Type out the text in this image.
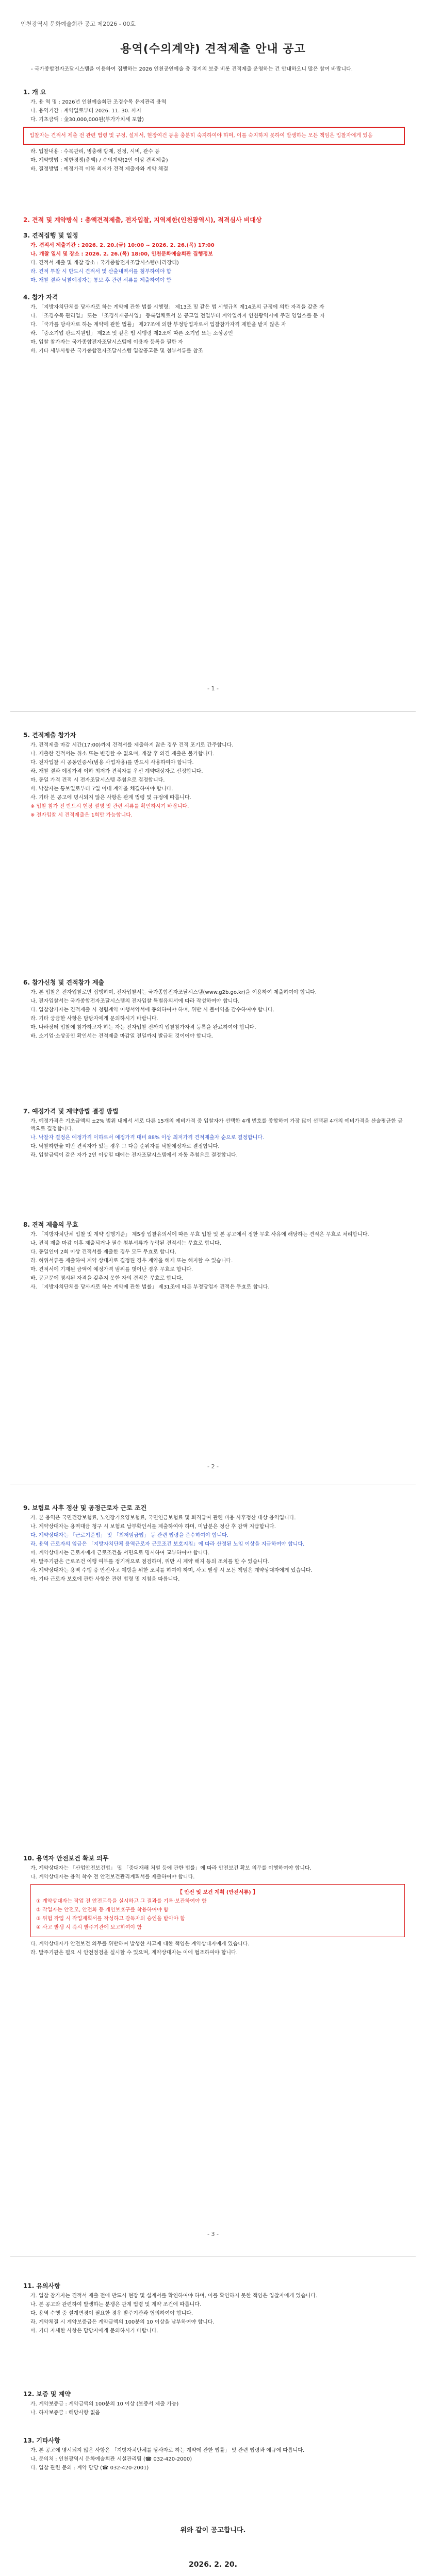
인천광역시 문화예술회관 공고 제2026 - 00호
용역(수의계약) 견적제출 안내 공고
- 국가종합전자조달시스템을 이용하여 집행하는 2026 인천공연예술 총 경지의 보충 비롯 견적제출 운영하는 건 안내하오니 많은 참여 바랍니다.
1. 개 요

가. 용 역 명 : 2026년 인천예술회관 조경수목 유지관리 용역

나. 용역기간 : 계약일로부터 2026. 11. 30. 까지

다. 기초금액 : 金30,000,000원(부가가치세 포함)

입찰자는 견적서 제출 전 관련 법령 및 규정, 설계서, 현장여건 등을 충분히 숙지하여야 하며, 이를 숙지하지 못하여 발생하는 모든 책임은 입찰자에게 있음

라. 입찰내용 : 수목관리, 병충해 방제, 전정, 시비, 관수 등

마. 계약방법 : 제한경쟁(총액) / 수의계약(2인 이상 견적제출)

바. 결정방법 : 예정가격 이하 최저가 견적 제출자와 계약 체결

2. 견적 및 계약방식 : 총액견적제출, 전자입찰, 지역제한(인천광역시), 적격심사 비대상
3. 견적집행 및 일정

가. 견적서 제출기간 : 2026. 2. 20.(금) 10:00 ~ 2026. 2. 26.(목) 17:00

나. 개찰 일시 및 장소 : 2026. 2. 26.(목) 18:00, 인천문화예술회관 집행정보

다. 견적서 제출 및 개찰 장소 : 국가종합전자조달시스템(나라장터)

라. 견적 투찰 시 반드시 견적서 및 산출내역서를 첨부하여야 함

마. 개찰 결과 낙찰예정자는 통보 후 관련 서류를 제출하여야 함

4. 참가 자격

가. 「지방자치단체를 당사자로 하는 계약에 관한 법률 시행령」 제13조 및 같은 법 시행규칙 제14조의 규정에 의한 자격을 갖춘 자

나. 「조경수목 관리업」 또는 「조경식재공사업」 등록업체로서 본 공고일 전일부터 계약일까지 인천광역시에 주된 영업소를 둔 자

다. 「국가를 당사자로 하는 계약에 관한 법률」 제27조에 의한 부정당업자로서 입찰참가자격 제한을 받지 않은 자

라. 「중소기업 판로지원법」 제2조 및 같은 법 시행령 제2조에 따른 소기업 또는 소상공인

마. 입찰 참가자는 국가종합전자조달시스템에 이용자 등록을 필한 자

바. 기타 세부사항은 국가종합전자조달시스템 입찰공고문 및 첨부서류를 참조

- 1 -
5. 견적제출 참가자

가. 견적제출 마감 시간(17:00)까지 견적서를 제출하지 않은 경우 견적 포기로 간주합니다.

나. 제출한 견적서는 취소 또는 변경할 수 없으며, 개찰 후 의견 제출은 불가합니다.

다. 전자입찰 시 공동인증서(범용 사업자용)를 반드시 사용하여야 합니다.

라. 개찰 결과 예정가격 이하 최저가 견적자를 우선 계약대상자로 선정합니다.

마. 동일 가격 견적 시 전자조달시스템 추첨으로 결정합니다.

바. 낙찰자는 통보일로부터 7일 이내 계약을 체결하여야 합니다.

사. 기타 본 공고에 명시되지 않은 사항은 관계 법령 및 규정에 따릅니다.

※ 입찰 참가 전 반드시 현장 설명 및 관련 서류를 확인하시기 바랍니다.

※ 전자입찰 시 견적제출은 1회만 가능합니다.

6. 참가신청 및 견적참가 제출

가. 본 입찰은 전자입찰로만 집행하며, 전자입찰서는 국가종합전자조달시스템(www.g2b.go.kr)을 이용하여 제출하여야 합니다.

나. 전자입찰서는 국가종합전자조달시스템의 전자입찰 특별유의서에 따라 작성하여야 합니다.

다. 입찰참가자는 견적제출 시 청렴계약 이행서약서에 동의하여야 하며, 위반 시 불이익을 감수하여야 합니다.

라. 기타 궁금한 사항은 담당자에게 문의하시기 바랍니다.

마. 나라장터 입찰에 참가하고자 하는 자는 전자입찰 전까지 입찰참가자격 등록을 완료하여야 합니다.

바. 소기업·소상공인 확인서는 견적제출 마감일 전일까지 발급된 것이어야 합니다.

7. 예정가격 및 계약방법 결정 방법

가. 예정가격은 기초금액의 ±2% 범위 내에서 서로 다른 15개의 예비가격 중 입찰자가 선택한 4개 번호를 종합하여 가장 많이 선택된 4개의 예비가격을 산술평균한 금액으로 결정합니다.

나. 낙찰자 결정은 예정가격 이하로서 예정가격 대비 88% 이상 최저가격 견적제출자 순으로 결정합니다.

다. 낙찰하한율 미만 견적자가 있는 경우 그 다음 순위자를 낙찰예정자로 결정합니다.

라. 입찰금액이 같은 자가 2인 이상일 때에는 전자조달시스템에서 자동 추첨으로 결정합니다.

8. 견적 제출의 무효

가. 「지방자치단체 입찰 및 계약 집행기준」 제5장 입찰유의서에 따른 무효 입찰 및 본 공고에서 정한 무효 사유에 해당하는 견적은 무효로 처리합니다.

나. 견적 제출 마감 이후 제출되거나 필수 첨부서류가 누락된 견적서는 무효로 합니다.

다. 동일인이 2회 이상 견적서를 제출한 경우 모두 무효로 합니다.

라. 허위서류를 제출하여 계약 상대자로 결정된 경우 계약을 해제 또는 해지할 수 있습니다.

마. 견적서에 기재된 금액이 예정가격 범위를 벗어난 경우 무효로 합니다.

바. 공고문에 명시된 자격을 갖추지 못한 자의 견적은 무효로 합니다.

사. 「지방자치단체를 당사자로 하는 계약에 관한 법률」 제31조에 따른 부정당업자 견적은 무효로 합니다.

- 2 -
9. 보험료 사후 정산 및 공정근로자 근로 조건

가. 본 용역은 국민건강보험료, 노인장기요양보험료, 국민연금보험료 및 퇴직급여 관련 비용 사후정산 대상 용역입니다.

나. 계약상대자는 용역대금 청구 시 보험료 납부확인서를 제출하여야 하며, 미납분은 정산 후 감액 지급합니다.

다. 계약상대자는 「근로기준법」 및 「최저임금법」 등 관련 법령을 준수하여야 합니다.

라. 용역 근로자의 임금은 「지방자치단체 용역근로자 근로조건 보호지침」에 따라 산정된 노임 이상을 지급하여야 합니다.

마. 계약상대자는 근로자에게 근로조건을 서면으로 명시하여 교부하여야 합니다.

바. 발주기관은 근로조건 이행 여부를 정기적으로 점검하며, 위반 시 계약 해지 등의 조치를 할 수 있습니다.

사. 계약상대자는 용역 수행 중 안전사고 예방을 위한 조치를 하여야 하며, 사고 발생 시 모든 책임은 계약상대자에게 있습니다.

아. 기타 근로자 보호에 관한 사항은 관련 법령 및 지침을 따릅니다.

10. 용역자 안전보건 확보 의무

가. 계약상대자는 「산업안전보건법」 및 「중대재해 처벌 등에 관한 법률」에 따라 안전보건 확보 의무를 이행하여야 합니다.

나. 계약상대자는 용역 착수 전 안전보건관리계획서를 제출하여야 합니다.

【 안전 및 보건 계획 (안전서류) 】

① 계약상대자는 작업 전 안전교육을 실시하고 그 결과를 기록·보관하여야 함

② 작업자는 안전모, 안전화 등 개인보호구를 착용하여야 함

③ 위험 작업 시 작업계획서를 작성하고 감독자의 승인을 받아야 함

④ 사고 발생 시 즉시 발주기관에 보고하여야 함

다. 계약상대자가 안전보건 의무를 위반하여 발생한 사고에 대한 책임은 계약상대자에게 있습니다.

라. 발주기관은 필요 시 안전점검을 실시할 수 있으며, 계약상대자는 이에 협조하여야 합니다.

- 3 -
11. 유의사항

가. 입찰 참가자는 견적서 제출 전에 반드시 현장 및 설계서를 확인하여야 하며, 이를 확인하지 못한 책임은 입찰자에게 있습니다.

나. 본 공고와 관련하여 발생하는 분쟁은 관계 법령 및 계약 조건에 따릅니다.

다. 용역 수행 중 설계변경이 필요한 경우 발주기관과 협의하여야 합니다.

라. 계약체결 시 계약보증금은 계약금액의 100분의 10 이상을 납부하여야 합니다.

마. 기타 자세한 사항은 담당자에게 문의하시기 바랍니다.

12. 보증 및 계약

가. 계약보증금 : 계약금액의 100분의 10 이상 (보증서 제출 가능)

나. 하자보증금 : 해당사항 없음

13. 기타사항

가. 본 공고에 명시되지 않은 사항은 「지방자치단체를 당사자로 하는 계약에 관한 법률」 및 관련 법령과 예규에 따릅니다.

나. 문의처 : 인천광역시 문화예술회관 시설관리팀 (☎ 032-420-2000)

다. 입찰 관련 문의 : 계약 담당 (☎ 032-420-2001)

위와 같이 공고합니다.
2026. 2. 20.
